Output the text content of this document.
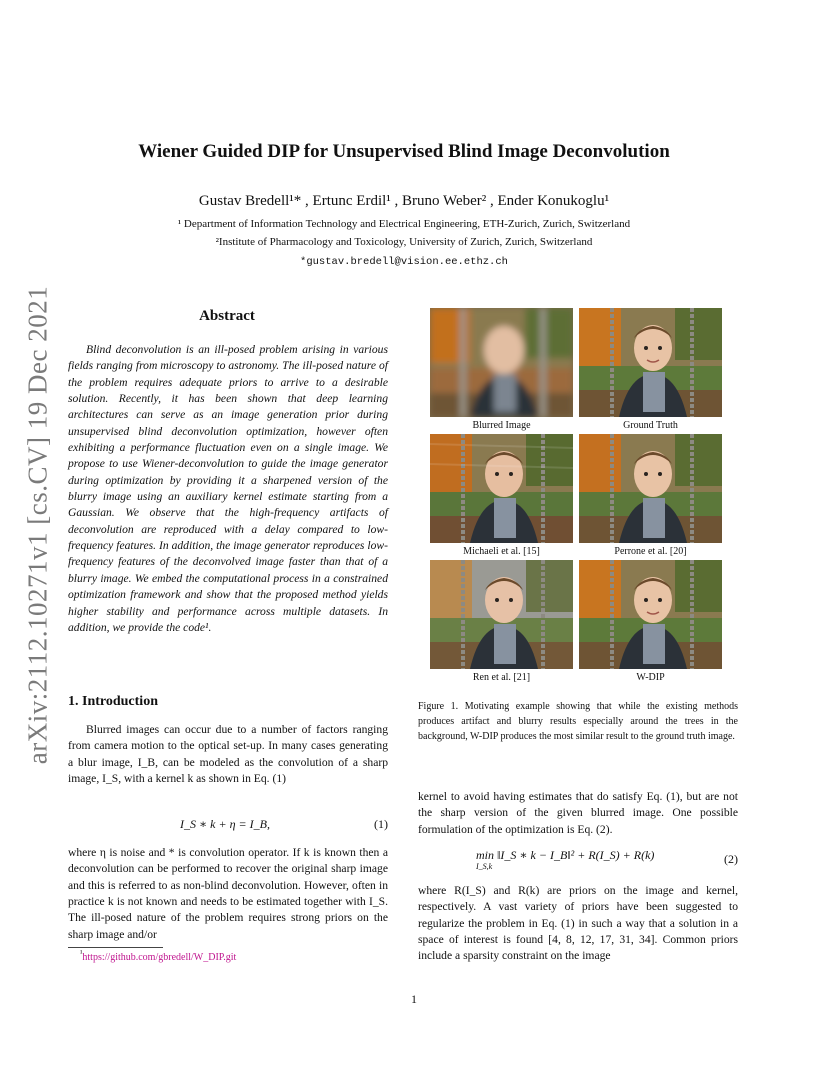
arXiv:2112.10271v1 [cs.CV] 19 Dec 2021
Wiener Guided DIP for Unsupervised Blind Image Deconvolution
Gustav Bredell¹* , Ertunc Erdil¹ , Bruno Weber² , Ender Konukoglu¹
¹ Department of Information Technology and Electrical Engineering, ETH-Zurich, Zurich, Switzerland
²Institute of Pharmacology and Toxicology, University of Zurich, Zurich, Switzerland
*gustav.bredell@vision.ee.ethz.ch
Abstract
Blind deconvolution is an ill-posed problem arising in various fields ranging from microscopy to astronomy. The ill-posed nature of the problem requires adequate priors to arrive to a desirable solution. Recently, it has been shown that deep learning architectures can serve as an image generation prior during unsupervised blind deconvolution optimization, however often exhibiting a performance fluctuation even on a single image. We propose to use Wiener-deconvolution to guide the image generator during optimization by providing it a sharpened version of the blurry image using an auxiliary kernel estimate starting from a Gaussian. We observe that the high-frequency artifacts of deconvolution are reproduced with a delay compared to low-frequency features. In addition, the image generator reproduces low-frequency features of the deconvolved image faster than that of a blurry image. We embed the computational process in a constrained optimization framework and show that the proposed method yields higher stability and performance across multiple datasets. In addition, we provide the code¹.
1. Introduction
Blurred images can occur due to a number of factors ranging from camera motion to the optical set-up. In many cases generating a blur image, I_B, can be modeled as the convolution of a sharp image, I_S, with a kernel k as shown in Eq. (1)
I_S ∗ k + η = I_B,	(1)
where η is noise and * is convolution operator. If k is known then a deconvolution can be performed to recover the original sharp image and this is referred to as non-blind deconvolution. However, often in practice k is not known and needs to be estimated together with I_S. The ill-posed nature of the problem requires strong priors on the sharp image and/or
$^{^1}$https://github.com/gbredell/W_DIP.git
Blurred Image	Ground Truth
Michaeli et al. [15]	Perrone et al. [20]
Ren et al. [21]	W-DIP
Figure 1. Motivating example showing that while the existing methods produces artifact and blurry results especially around the trees in the background, W-DIP produces the most similar result to the ground truth image.
kernel to avoid having estimates that do satisfy Eq. (1), but are not the sharp version of the given blurred image. One possible formulation of the optimization is Eq. (2).
min ‖I_S ∗ k − I_B‖² + R(I_S) + R(k)
I_S,k
(2)
where R(I_S) and R(k) are priors on the image and kernel, respectively. A vast variety of priors have been suggested to regularize the problem in Eq. (1) in such a way that a solution in a space of interest is found [4, 8, 12, 17, 31, 34]. Common priors include a sparsity constraint on the image
1
